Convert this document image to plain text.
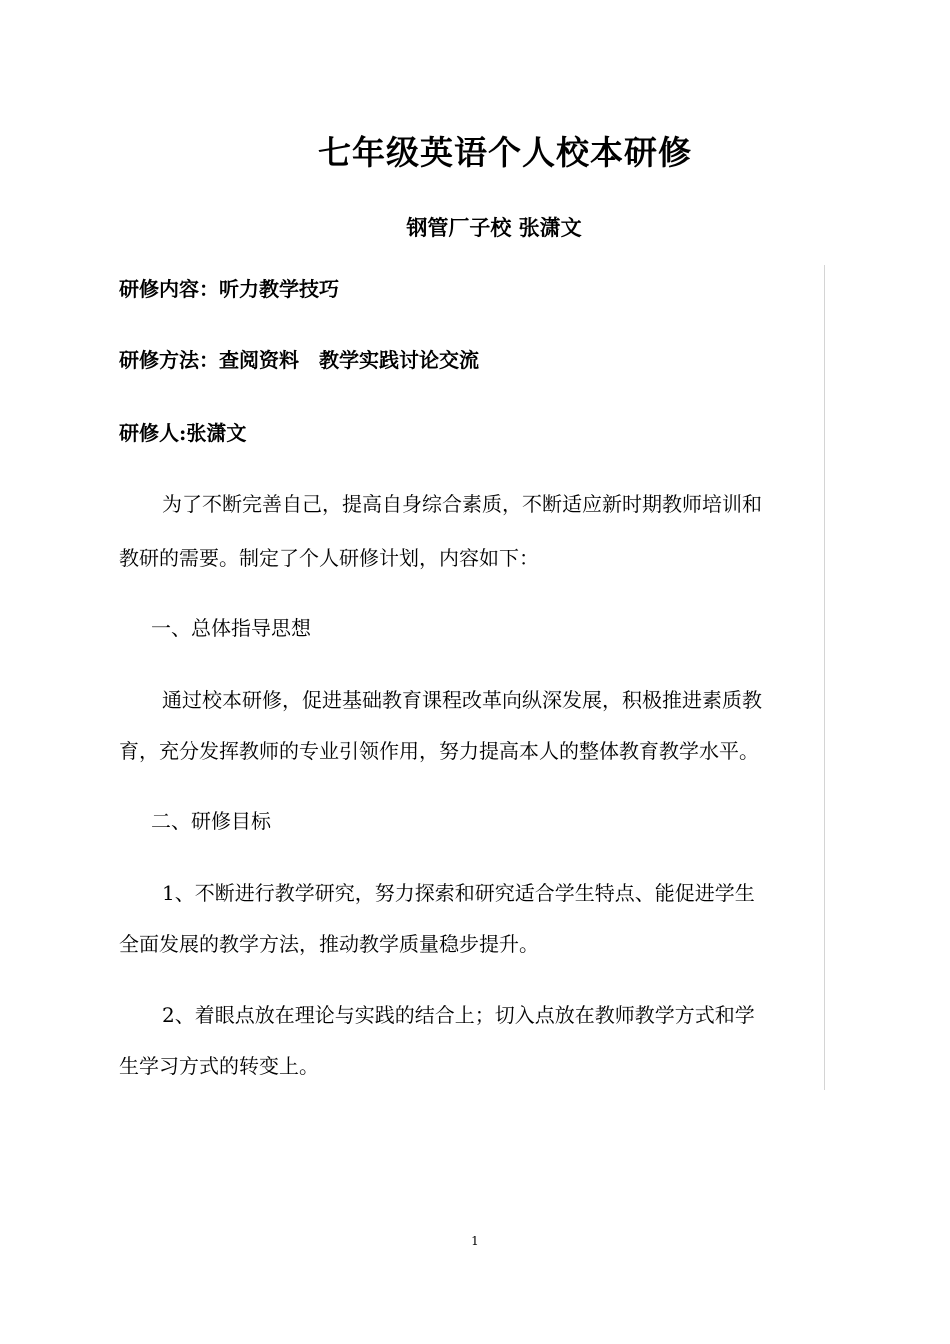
七年级英语个人校本研修
钢管厂子校 张潇文
研修内容：听力教学技巧
研修方法：查阅资料　教学实践讨论交流
研修人:张潇文
为了不断完善自己，提高自身综合素质，不断适应新时期教师培训和
教研的需要。制定了个人研修计划，内容如下：
一、总体指导思想
通过校本研修，促进基础教育课程改革向纵深发展，积极推进素质教
育，充分发挥教师的专业引领作用，努力提高本人的整体教育教学水平。
二、研修目标
1、不断进行教学研究，努力探索和研究适合学生特点、能促进学生
全面发展的教学方法，推动教学质量稳步提升。
2、着眼点放在理论与实践的结合上；切入点放在教师教学方式和学
生学习方式的转变上。
1
